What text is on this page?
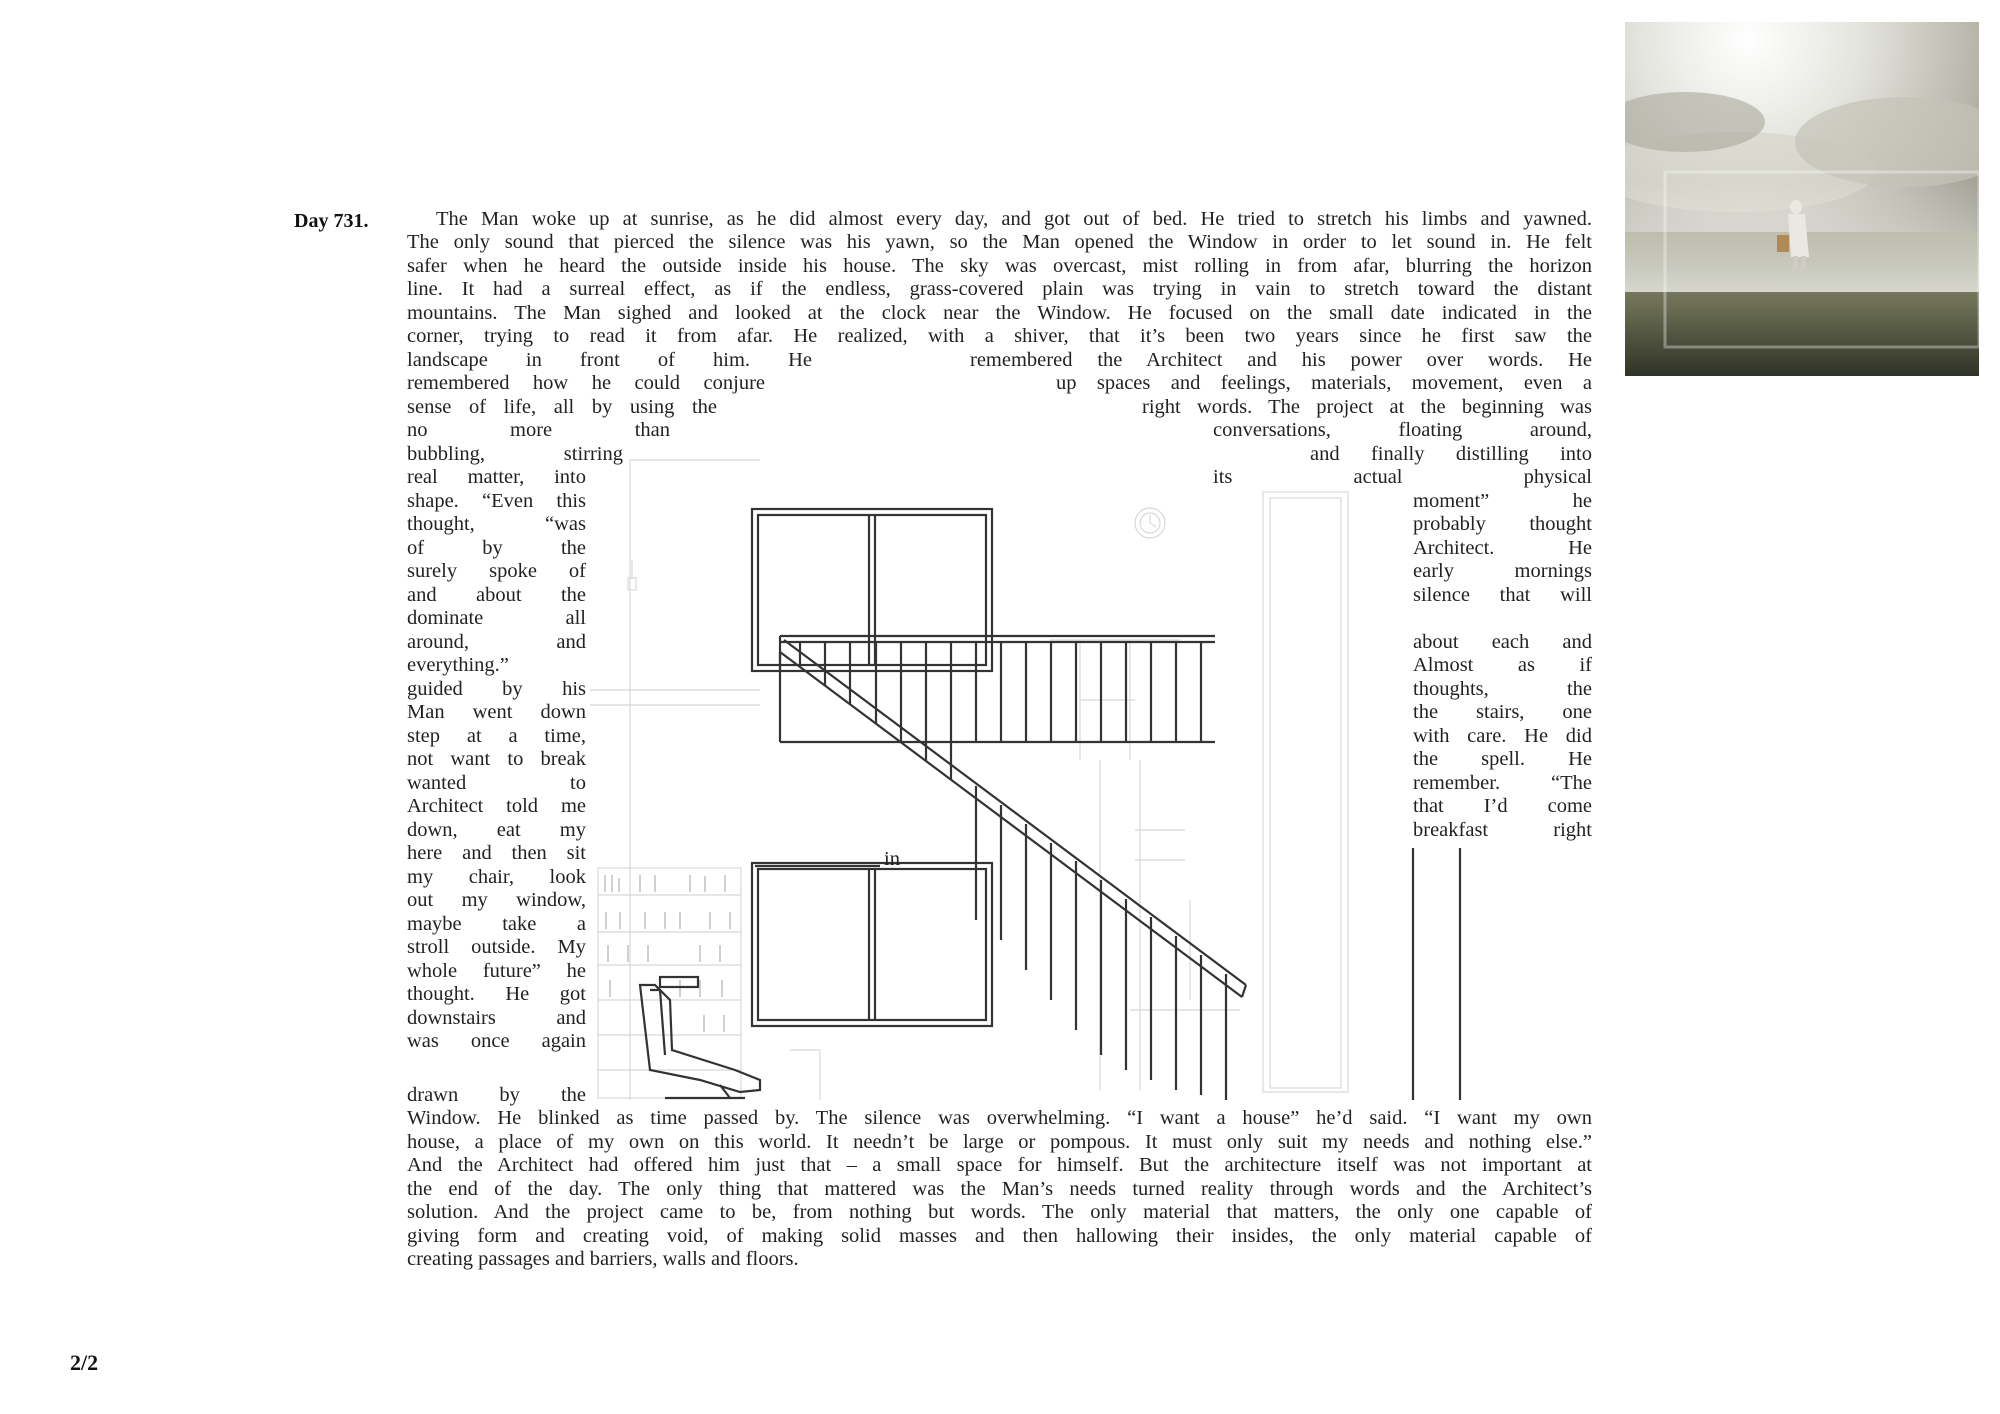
Day 731.	The Man woke up at sunrise, as he did almost every day, and got out of bed. He tried to stretch his limbs and yawned.
The only sound that pierced the silence was his yawn, so the Man opened the Window in order to let sound in. He felt
safer when he heard the outside inside his house. The sky was overcast, mist rolling in from afar, blurring the horizon
line. It had a surreal effect, as if the endless, grass-covered plain was trying in vain to stretch toward the distant
mountains. The Man sighed and looked at the clock near the Window. He focused on the small date indicated in the
corner, trying to read it from afar. He realized, with a shiver, that it’s been two years since he first saw the
landscape in front of him. He	remembered the Architect and his power over words. He
remembered how he could conjure	up spaces and feelings, materials, movement, even a
sense of life, all by using the	right words. The project at the beginning was
no more than	conversations, floating around,
bubbling, stirring	and finally distilling into
real matter, into	its actual physical
shape. “Even this	moment” he
thought, “was	probably thought
of by the	Architect. He
surely spoke of	early mornings
and about the	silence that will
dominate all
around, and	about each and
everything.”	Almost as if
guided by his	thoughts, the
Man went down	the stairs, one
step at a time,	with care. He did
not want to break	the spell. He
wanted to	remember. “The
Architect told me	that I’d come
down, eat my	breakfast right
here and then sit	in
my chair, look
out my window,
maybe take a
stroll outside. My
whole future” he
thought. He got
downstairs and
was once again
drawn by the
Window. He blinked as time passed by. The silence was overwhelming. “I want a house” he’d said. “I want my own
house, a place of my own on this world. It needn’t be large or pompous. It must only suit my needs and nothing else.”
And the Architect had offered him just that – a small space for himself. But the architecture itself was not important at
the end of the day. The only thing that mattered was the Man’s needs turned reality through words and the Architect’s
solution. And the project came to be, from nothing but words. The only material that matters, the only one capable of
giving form and creating void, of making solid masses and then hallowing their insides, the only material capable of
creating passages and barriers, walls and floors.
2/2
